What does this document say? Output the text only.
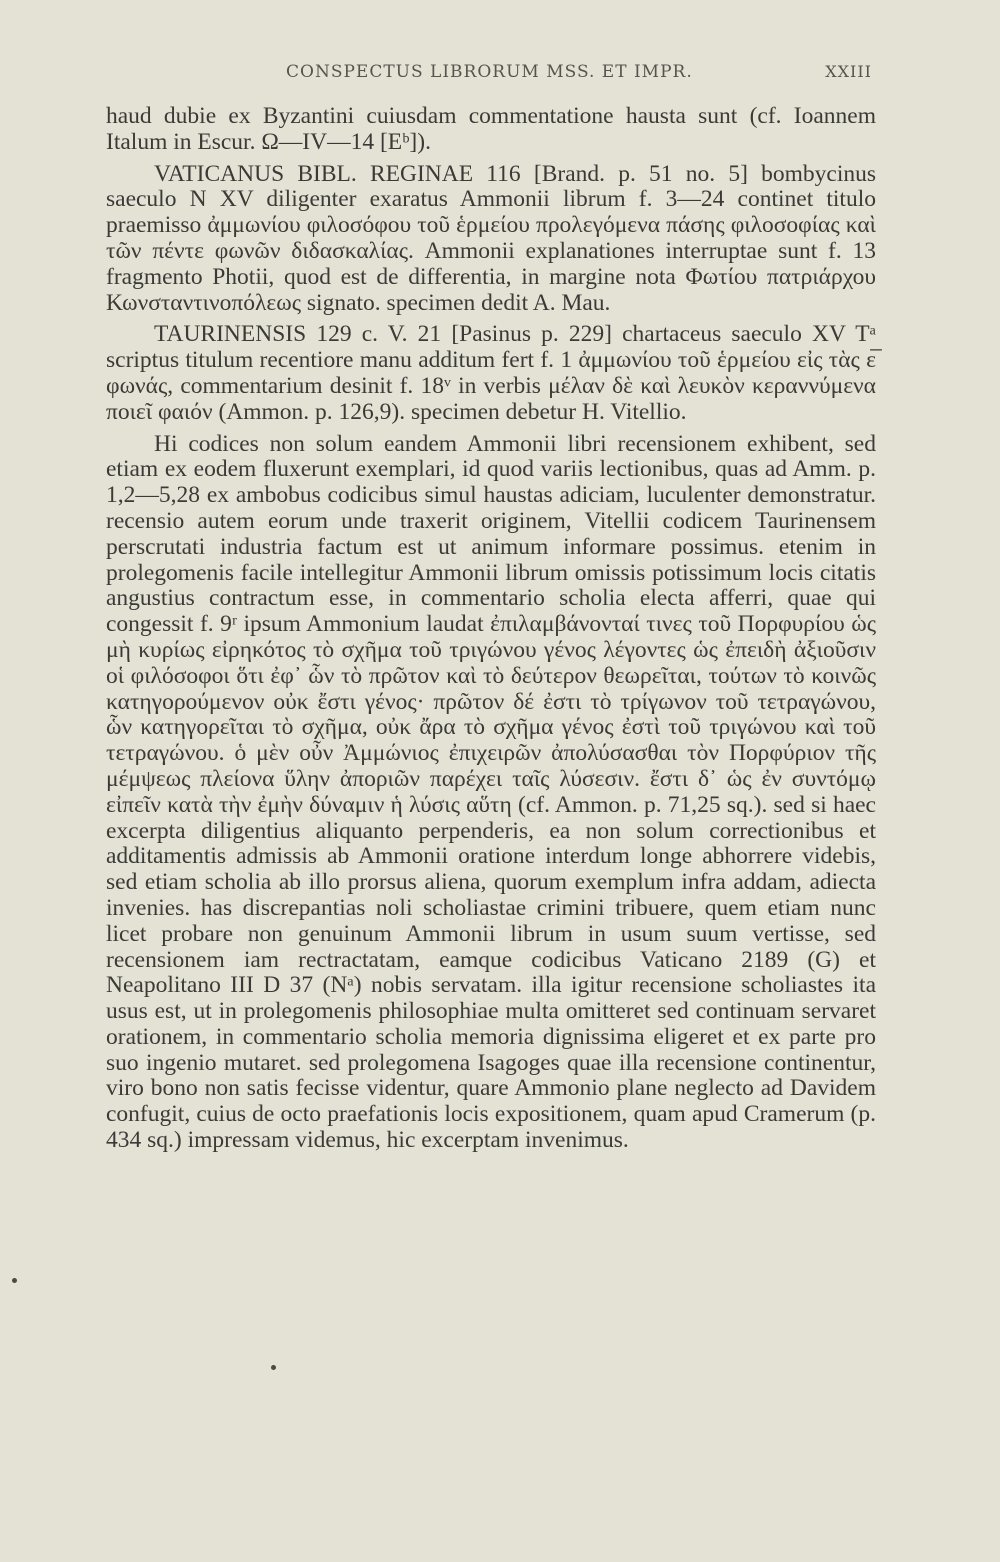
CONSPECTUS LIBRORUM MSS. ET IMPR.	XXIII

haud dubie ex Byzantini cuiusdam commentatione hausta sunt (cf. Ioannem Italum in Escur. Ω—IV—14 [Eᵇ]).

VATICANUS BIBL. REGINAE 116 [Brand. p. 51 no. 5] bombycinus saeculo N XV diligenter exaratus Ammonii librum f. 3—24 continet titulo praemisso ἀμμωνίου φιλοσόφου τοῦ ἑρμείου προλεγόμενα πάσης φιλοσοφίας καὶ τῶν πέντε φωνῶν διδασκαλίας. Ammonii explanationes interruptae sunt f. 13 fragmento Photii, quod est de differentia, in margine nota Φωτίου πατριάρχου Κωνσταντινοπόλεως signato. specimen dedit A. Mau.

TAURINENSIS 129 c. V. 21 [Pasinus p. 229] chartaceus saeculo XV Tᵃ scriptus titulum recentiore manu additum fert f. 1 ἀμμωνίου τοῦ ἑρμείου εἰς τὰς ε̅ φωνάς, commentarium desinit f. 18ᵛ in verbis μέλαν δὲ καὶ λευκὸν κεραννύμενα ποιεῖ φαιόν (Ammon. p. 126,9). specimen debetur H. Vitellio.

Hi codices non solum eandem Ammonii libri recensionem exhibent, sed etiam ex eodem fluxerunt exemplari, id quod variis lectionibus, quas ad Amm. p. 1,2—5,28 ex ambobus codicibus simul haustas adiciam, luculenter demonstratur. recensio autem eorum unde traxerit originem, Vitellii codicem Taurinensem perscrutati industria factum est ut animum informare possimus. etenim in prolegomenis facile intellegitur Ammonii librum omissis potissimum locis citatis angustius contractum esse, in commentario scholia electa afferri, quae qui congessit f. 9ʳ ipsum Ammonium laudat ἐπιλαμβάνονταί τινες τοῦ Πορφυρίου ὡς μὴ κυρίως εἰρηκότος τὸ σχῆμα τοῦ τριγώνου γένος λέγοντες ὡς ἐπειδὴ ἀξιοῦσιν οἱ φιλόσοφοι ὅτι ἐφ᾿ ὧν τὸ πρῶτον καὶ τὸ δεύτερον θεωρεῖται, τούτων τὸ κοινῶς κατηγορούμενον οὐκ ἔστι γένος· πρῶτον δέ ἐστι τὸ τρίγωνον τοῦ τετραγώνου, ὧν κατηγορεῖται τὸ σχῆμα, οὐκ ἄρα τὸ σχῆμα γένος ἐστὶ τοῦ τριγώνου καὶ τοῦ τετραγώνου. ὁ μὲν οὖν Ἀμμώνιος ἐπιχειρῶν ἀπολύσασθαι τὸν Πορφύριον τῆς μέμψεως πλείονα ὕλην ἀποριῶν παρέχει ταῖς λύσεσιν. ἔστι δ᾿ ὡς ἐν συντόμῳ εἰπεῖν κατὰ τὴν ἐμὴν δύναμιν ἡ λύσις αὕτη (cf. Ammon. p. 71,25 sq.). sed si haec excerpta diligentius aliquanto perpenderis, ea non solum correctionibus et additamentis admissis ab Ammonii oratione interdum longe abhorrere videbis, sed etiam scholia ab illo prorsus aliena, quorum exemplum infra addam, adiecta invenies. has discrepantias noli scholiastae crimini tribuere, quem etiam nunc licet probare non genuinum Ammonii librum in usum suum vertisse, sed recensionem iam rectractatam, eamque codicibus Vaticano 2189 (G) et Neapolitano III D 37 (Nᵃ) nobis servatam. illa igitur recensione scholiastes ita usus est, ut in prolegomenis philosophiae multa omitteret sed continuam servaret orationem, in commentario scholia memoria dignissima eligeret et ex parte pro suo ingenio mutaret. sed prolegomena Isagoges quae illa recensione continentur, viro bono non satis fecisse videntur, quare Ammonio plane neglecto ad Davidem confugit, cuius de octo praefationis locis expositionem, quam apud Cramerum (p. 434 sq.) impressam videmus, hic excerptam invenimus.
